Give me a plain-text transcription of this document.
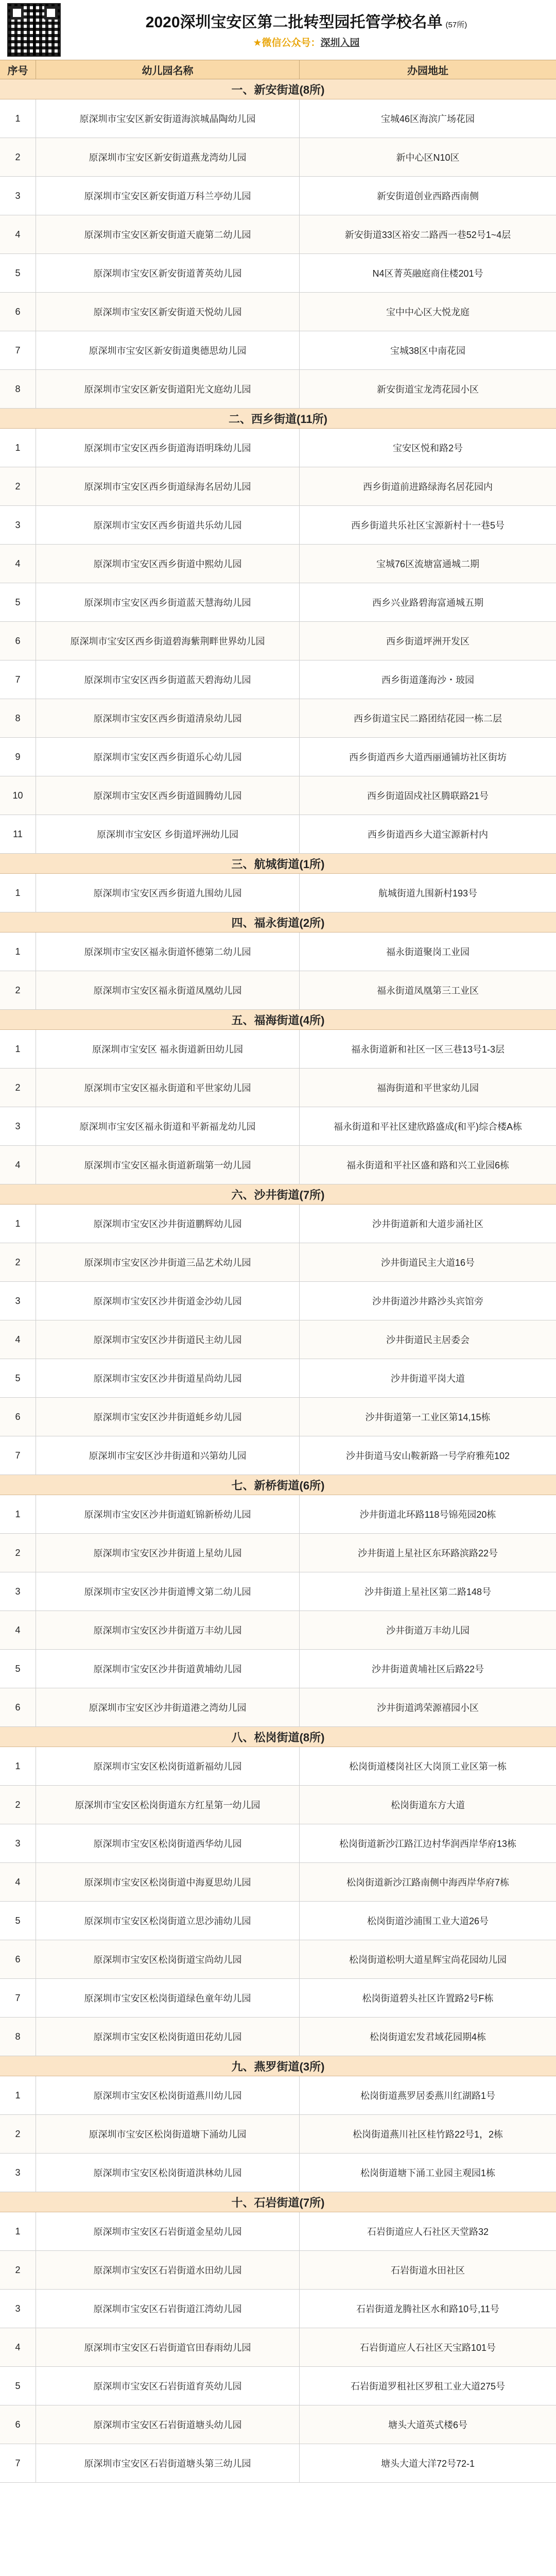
2020深圳宝安区第二批转型园托管学校名单 (57所)
★微信公众号：深圳入园
序号	幼儿园名称	办园地址
一、新安街道(8所)
1	原深圳市宝安区新安街道海滨城晶陶幼儿园	宝城46区海滨广场花园
2	原深圳市宝安区新安街道燕龙湾幼儿园	新中心区N10区
3	原深圳市宝安区新安街道万科兰亭幼儿园	新安街道创业西路西南侧
4	原深圳市宝安区新安街道天鹿第二幼儿园	新安街道33区裕安二路西一巷52号1~4层
5	原深圳市宝安区新安街道菁英幼儿园	N4区菁英融庭商住楼201号
6	原深圳市宝安区新安街道天悦幼儿园	宝中中心区大悦龙庭
7	原深圳市宝安区新安街道奥德思幼儿园	宝城38区中南花园
8	原深圳市宝安区新安街道阳光文庭幼儿园	新安街道宝龙湾花园小区
二、西乡街道(11所)
1	原深圳市宝安区西乡街道海语明珠幼儿园	宝安区悦和路2号
2	原深圳市宝安区西乡街道绿海名居幼儿园	西乡街道前进路绿海名居花园内
3	原深圳市宝安区西乡街道共乐幼儿园	西乡街道共乐社区宝源新村十一巷5号
4	原深圳市宝安区西乡街道中熙幼儿园	宝城76区流塘富通城二期
5	原深圳市宝安区西乡街道蓝天慧海幼儿园	西乡兴业路碧海富通城五期
6	原深圳市宝安区西乡街道碧海紫荆畔世界幼儿园	西乡街道坪洲开发区
7	原深圳市宝安区西乡街道蓝天碧海幼儿园	西乡街道蓬海沙・玻园
8	原深圳市宝安区西乡街道清泉幼儿园	西乡街道宝民二路团结花园一栋二层
9	原深圳市宝安区西乡街道乐心幼儿园	西乡街道西乡大道西丽通铺坊社区街坊
10	原深圳市宝安区西乡街道圆腾幼儿园	西乡街道固戍社区腾联路21号
11	原深圳市宝安区 乡街道坪洲幼儿园	西乡街道西乡大道宝源新村内
三、航城街道(1所)
1	原深圳市宝安区西乡街道九围幼儿园	航城街道九围新村193号
四、福永街道(2所)
1	原深圳市宝安区福永街道怀德第二幼儿园	福永街道聚岗工业园
2	原深圳市宝安区福永街道凤凰幼儿园	福永街道凤凰第三工业区
五、福海街道(4所)
1	原深圳市宝安区 福永街道新田幼儿园	福永街道新和社区一区三巷13号1-3层
2	原深圳市宝安区福永街道和平世家幼儿园	福海街道和平世家幼儿园
3	原深圳市宝安区福永街道和平新福龙幼儿园	福永街道和平社区建欣路盛成(和平)综合楼A栋
4	原深圳市宝安区福永街道新瑞第一幼儿园	福永街道和平社区盛和路和兴工业园6栋
六、沙井街道(7所)
1	原深圳市宝安区沙井街道鹏辉幼儿园	沙井街道新和大道步涌社区
2	原深圳市宝安区沙井街道三品艺术幼儿园	沙井街道民主大道16号
3	原深圳市宝安区沙井街道金沙幼儿园	沙井街道沙井路沙头宾馆旁
4	原深圳市宝安区沙井街道民主幼儿园	沙井街道民主居委会
5	原深圳市宝安区沙井街道星尚幼儿园	沙井街道平岗大道
6	原深圳市宝安区沙井街道蚝乡幼儿园	沙井街道第一工业区第14,15栋
7	原深圳市宝安区沙井街道和兴第幼儿园	沙井街道马安山鞍新路一号学府雅苑102
七、新桥街道(6所)
1	原深圳市宝安区沙井街道虹锦新桥幼儿园	沙井街道北环路118号锦苑园20栋
2	原深圳市宝安区沙井街道上星幼儿园	沙井街道上星社区东环路滨路22号
3	原深圳市宝安区沙井街道博文第二幼儿园	沙井街道上星社区第二路148号
4	原深圳市宝安区沙井街道万丰幼儿园	沙井街道万丰幼儿园
5	原深圳市宝安区沙井街道黄埔幼儿园	沙井街道黄埔社区后路22号
6	原深圳市宝安区沙井街道港之湾幼儿园	沙井街道鸿荣源禧园小区
八、松岗街道(8所)
1	原深圳市宝安区松岗街道新福幼儿园	松岗街道楼岗社区大岗顶工业区第一栋
2	原深圳市宝安区松岗街道东方红星第一幼儿园	松岗街道东方大道
3	原深圳市宝安区松岗街道西华幼儿园	松岗街道新沙江路江边村华润西岸华府13栋
4	原深圳市宝安区松岗街道中海夏思幼儿园	松岗街道新沙江路南侧中海西岸华府7栋
5	原深圳市宝安区松岗街道立思沙浦幼儿园	松岗街道沙浦围工业大道26号
6	原深圳市宝安区松岗街道宝尚幼儿园	松岗街道松明大道星辉宝尚花园幼儿园
7	原深圳市宝安区松岗街道绿色童年幼儿园	松岗街道碧头社区许置路2号F栋
8	原深圳市宝安区松岗街道田花幼儿园	松岗街道宏发君域花园期4栋
九、燕罗街道(3所)
1	原深圳市宝安区松岗街道燕川幼儿园	松岗街道燕罗居委燕川红湖路1号
2	原深圳市宝安区松岗街道塘下涌幼儿园	松岗街道燕川社区桂竹路22号1，2栋
3	原深圳市宝安区松岗街道洪林幼儿园	松岗街道塘下涌工业园主观园1栋
十、石岩街道(7所)
1	原深圳市宝安区石岩街道金星幼儿园	石岩街道应人石社区天堂路32
2	原深圳市宝安区石岩街道水田幼儿园	石岩街道水田社区
3	原深圳市宝安区石岩街道江湾幼儿园	石岩街道龙腾社区水和路10号,11号
4	原深圳市宝安区石岩街道官田春雨幼儿园	石岩街道应人石社区天宝路101号
5	原深圳市宝安区石岩街道育英幼儿园	石岩街道罗租社区罗租工业大道275号
6	原深圳市宝安区石岩街道塘头幼儿园	塘头大道英式楼6号
7	原深圳市宝安区石岩街道塘头第三幼儿园	塘头大道大洋72号72-1
